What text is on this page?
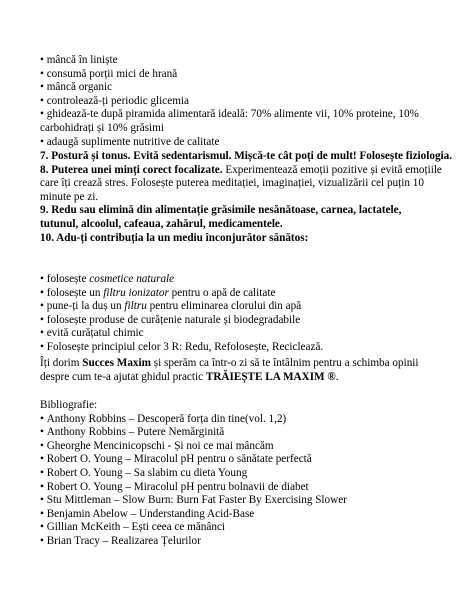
• mâncă în liniște
• consumă porții mici de hrană
• mâncă organic
• controlează-ți periodic glicemia
• ghidează-te după piramida alimentară ideală: 70% alimente vii, 10% proteine, 10% carbohidrați și 10% grăsimi
• adaugă suplimente nutritive de calitate
7. Postură și tonus. Evită sedentarismul. Mișcă-te cât poți de mult! Folosește fiziologia.
8. Puterea unei minți corect focalizate. Experimentează emoții pozitive și evită emoțiile care îți crează stres. Folosește puterea meditației, imaginației, vizualizării cel puțin 10 minute pe zi.
9. Redu sau elimină din alimentație grăsimile nesănătoase, carnea, lactatele, tutunul, alcoolul, cafeaua, zahărul, medicamentele.
10. Adu-ți contribuția la un mediu înconjurător sănătos:
• folosește cosmetice naturale
• folosește un filtru ionizator pentru o apă de calitate
• pune-ți la duș un filtru pentru eliminarea clorului din apă
• folosește produse de curățenie naturale și biodegradabile
• evită curățatul chimic
• Folosește principiul celor 3 R: Redu, Refolosește, Reciclează.
Îți dorim Succes Maxim și sperăm ca într-o zi să te întâlnim pentru a schimba opinii despre cum te-a ajutat ghidul practic TRĂIEȘTE LA MAXIM ®.
Bibliografie:
• Anthony Robbins – Descoperă forța din tine(vol. 1,2)
• Anthony Robbins – Putere Nemărginită
• Gheorghe Mencinicopschi - Și noi ce mai mâncăm
• Robert O. Young – Miracolul pH pentru o sănătate perfectă
• Robert O. Young – Sa slabim cu dieta Young
• Robert O. Young – Miracolul pH pentru bolnavii de diabet
• Stu Mittleman – Slow Burn: Burn Fat Faster By Exercising Slower
• Benjamin Abelow – Understanding Acid-Base
• Gillian McKeith – Ești ceea ce mănânci
• Brian Tracy – Realizarea Țelurilor
